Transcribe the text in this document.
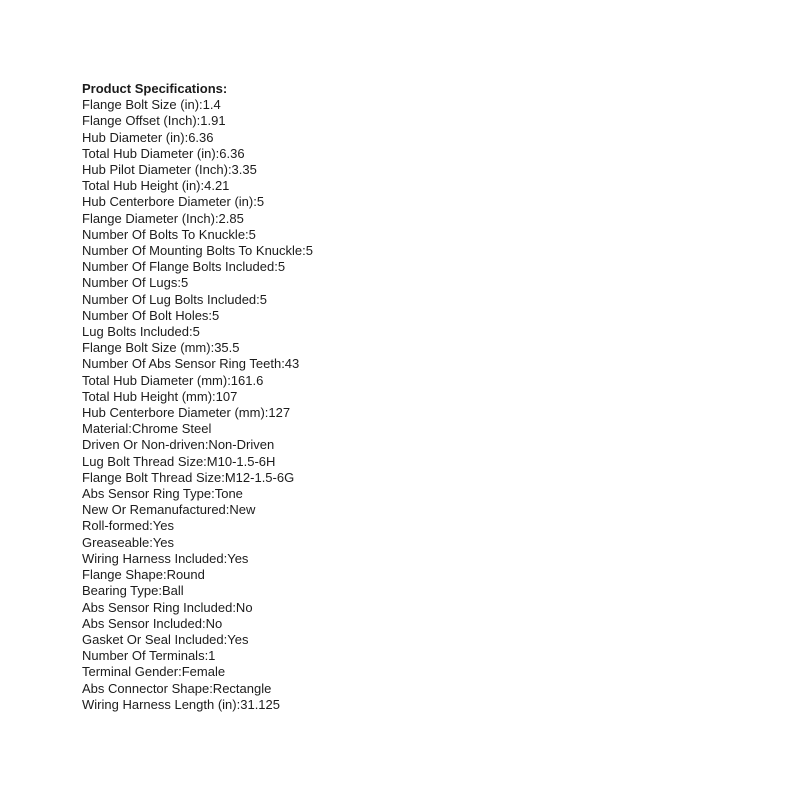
Product Specifications:
Flange Bolt Size (in):1.4
Flange Offset (Inch):1.91
Hub Diameter (in):6.36
Total Hub Diameter (in):6.36
Hub Pilot Diameter (Inch):3.35
Total Hub Height (in):4.21
Hub Centerbore Diameter (in):5
Flange Diameter (Inch):2.85
Number Of Bolts To Knuckle:5
Number Of Mounting Bolts To Knuckle:5
Number Of Flange Bolts Included:5
Number Of Lugs:5
Number Of Lug Bolts Included:5
Number Of Bolt Holes:5
Lug Bolts Included:5
Flange Bolt Size (mm):35.5
Number Of Abs Sensor Ring Teeth:43
Total Hub Diameter (mm):161.6
Total Hub Height (mm):107
Hub Centerbore Diameter (mm):127
Material:Chrome Steel
Driven Or Non-driven:Non-Driven
Lug Bolt Thread Size:M10-1.5-6H
Flange Bolt Thread Size:M12-1.5-6G
Abs Sensor Ring Type:Tone
New Or Remanufactured:New
Roll-formed:Yes
Greaseable:Yes
Wiring Harness Included:Yes
Flange Shape:Round
Bearing Type:Ball
Abs Sensor Ring Included:No
Abs Sensor Included:No
Gasket Or Seal Included:Yes
Number Of Terminals:1
Terminal Gender:Female
Abs Connector Shape:Rectangle
Wiring Harness Length (in):31.125
